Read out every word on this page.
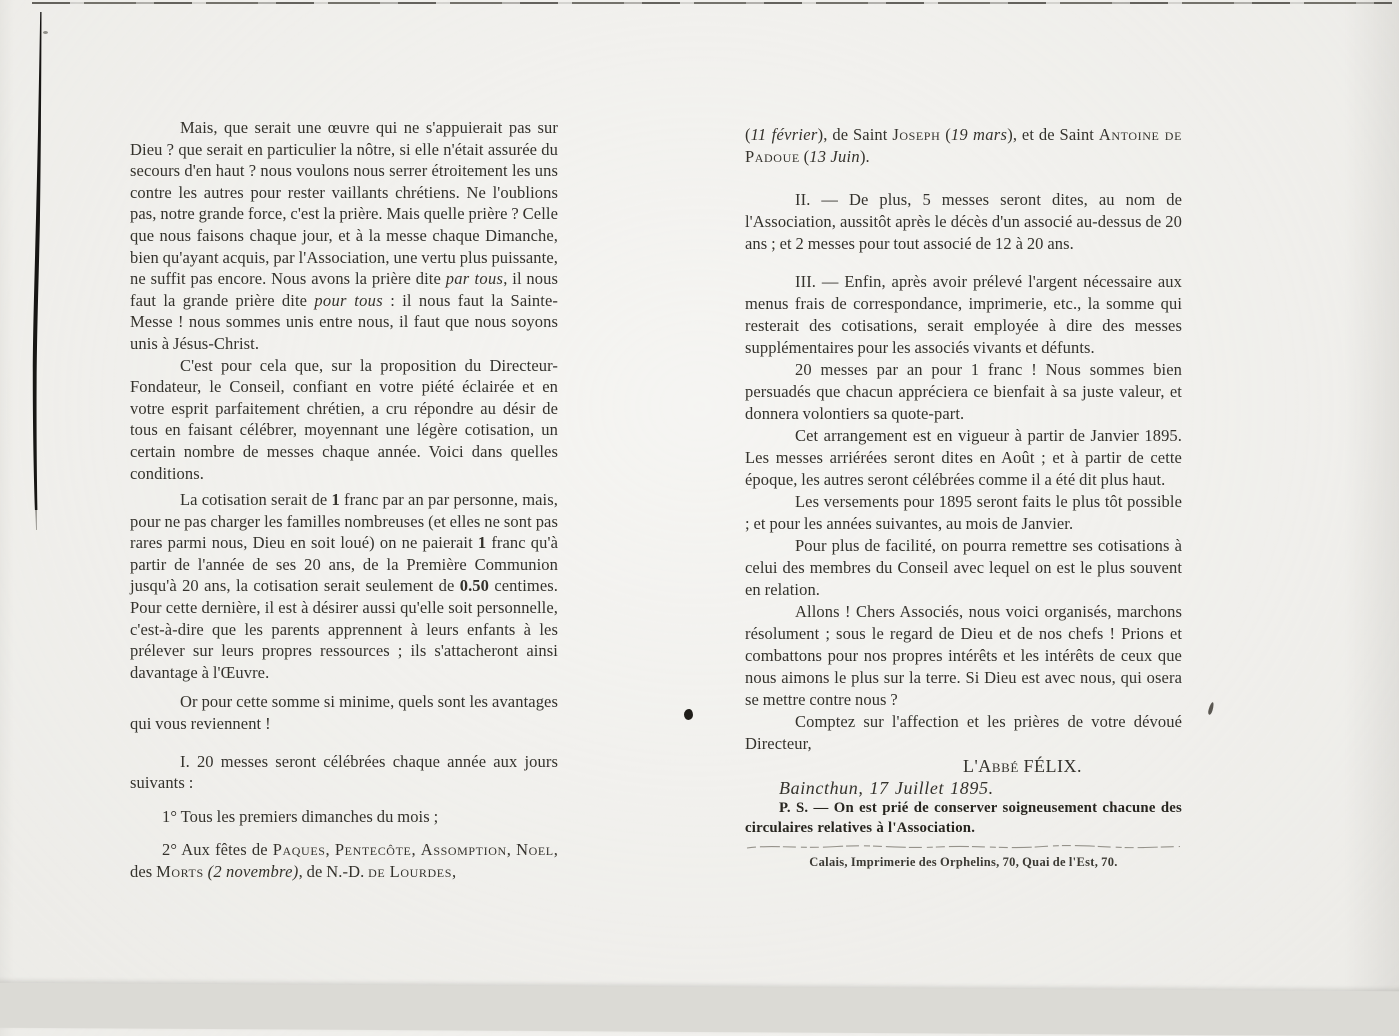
Mais, que serait une œuvre qui ne s'appuierait pas sur Dieu ? que serait en particulier la nôtre, si elle n'était assurée du secours d'en haut ? nous voulons nous serrer étroitement les uns contre les autres pour rester vaillants chrétiens. Ne l'oublions pas, notre grande force, c'est la prière. Mais quelle prière ? Celle que nous faisons chaque jour, et à la messe chaque Dimanche, bien qu'ayant acquis, par l'Association, une vertu plus puissante, ne suffit pas encore. Nous avons la prière dite par tous, il nous faut la grande prière dite pour tous : il nous faut la Sainte-Messe ! nous sommes unis entre nous, il faut que nous soyons unis à Jésus-Christ.

C'est pour cela que, sur la proposition du Directeur-Fondateur, le Conseil, confiant en votre piété éclairée et en votre esprit parfaitement chrétien, a cru répondre au désir de tous en faisant célébrer, moyennant une légère cotisation, un certain nombre de messes chaque année. Voici dans quelles conditions.

La cotisation serait de 1 franc par an par personne, mais, pour ne pas charger les familles nombreuses (et elles ne sont pas rares parmi nous, Dieu en soit loué) on ne paierait 1 franc qu'à partir de l'année de ses 20 ans, de la Première Communion jusqu'à 20 ans, la cotisation serait seulement de 0.50 centimes. Pour cette dernière, il est à désirer aussi qu'elle soit personnelle, c'est-à-dire que les parents apprennent à leurs enfants à les prélever sur leurs propres ressources ; ils s'attacheront ainsi davantage à l'Œuvre.

Or pour cette somme si minime, quels sont les avantages qui vous reviennent !

I. 20 messes seront célébrées chaque année aux jours suivants :

1° Tous les premiers dimanches du mois ;

2° Aux fêtes de Paques, Pentecôte, Assomption, Noel, des Morts (2 novembre), de N.-D. de Lourdes,

(11 février), de Saint Joseph (19 mars), et de Saint Antoine de Padoue (13 Juin).

II. — De plus, 5 messes seront dites, au nom de l'Association, aussitôt après le décès d'un associé au-dessus de 20 ans ; et 2 messes pour tout associé de 12 à 20 ans.

III. — Enfin, après avoir prélevé l'argent nécessaire aux menus frais de correspondance, imprimerie, etc., la somme qui resterait des cotisations, serait employée à dire des messes supplémentaires pour les associés vivants et défunts.

20 messes par an pour 1 franc ! Nous sommes bien persuadés que chacun appréciera ce bienfait à sa juste valeur, et donnera volontiers sa quote-part.

Cet arrangement est en vigueur à partir de Janvier 1895. Les messes arriérées seront dites en Août ; et à partir de cette époque, les autres seront célébrées comme il a été dit plus haut.

Les versements pour 1895 seront faits le plus tôt possible ; et pour les années suivantes, au mois de Janvier.

Pour plus de facilité, on pourra remettre ses cotisations à celui des membres du Conseil avec lequel on est le plus souvent en relation.

Allons ! Chers Associés, nous voici organisés, marchons résolument ; sous le regard de Dieu et de nos chefs ! Prions et combattons pour nos propres intérêts et les intérêts de ceux que nous aimons le plus sur la terre. Si Dieu est avec nous, qui osera se mettre contre nous ?

Comptez sur l'affection et les prières de votre dévoué Directeur,

L'Abbé FÉLIX.

Baincthun, 17 Juillet 1895.

P. S. — On est prié de conserver soigneusement chacune des circulaires relatives à l'Association.

Calais, Imprimerie des Orphelins, 70, Quai de l'Est, 70.
